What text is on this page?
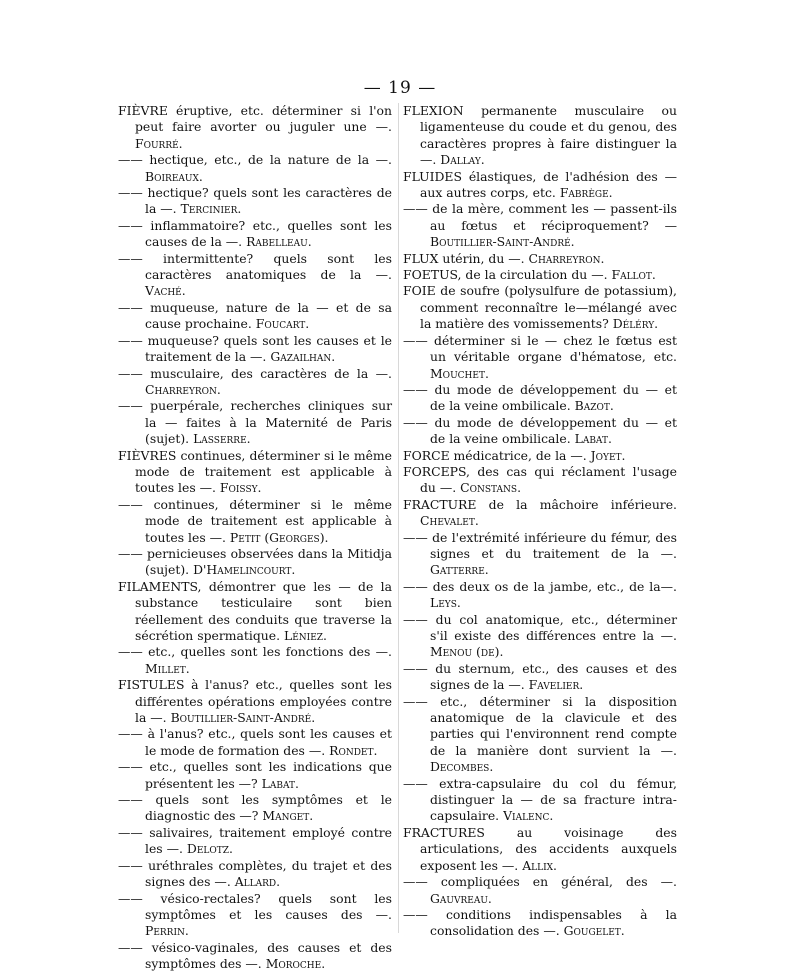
— 19 —

FIÈVRE éruptive, etc. déterminer si l'on peut faire avorter ou juguler une —. Fourré.

—— hectique, etc., de la nature de la —. Boireaux.

—— hectique? quels sont les caractères de la —. Tercinier.

—— inflammatoire? etc., quelles sont les causes de la —. Rabelleau.

—— intermittente? quels sont les caractères anatomiques de la —. Vaché.

—— muqueuse, nature de la — et de sa cause prochaine. Foucart.

—— muqueuse? quels sont les causes et le traitement de la —. Gazailhan.

—— musculaire, des caractères de la —. Charreyron.

—— puerpérale, recherches cliniques sur la — faites à la Maternité de Paris (sujet). Lasserre.

FIÈVRES continues, déterminer si le même mode de traitement est applicable à toutes les —. Foissy.

—— continues, déterminer si le même mode de traitement est applicable à toutes les —. Petit (Georges).

—— pernicieuses observées dans la Mitidja (sujet). D'Hamelincourt.

FILAMENTS, démontrer que les — de la substance testiculaire sont bien réellement des conduits que traverse la sécrétion spermatique. Léniez.

—— etc., quelles sont les fonctions des —. Millet.

FISTULES à l'anus? etc., quelles sont les différentes opérations employées contre la —. Boutillier-Saint-André.

—— à l'anus? etc., quels sont les causes et le mode de formation des —. Rondet.

—— etc., quelles sont les indications que présentent les —? Labat.

—— quels sont les symptômes et le diagnostic des —? Manget.

—— salivaires, traitement employé contre les —. Delotz.

—— uréthrales complètes, du trajet et des signes des —. Allard.

—— vésico-rectales? quels sont les symptômes et les causes des —. Perrin.

—— vésico-vaginales, des causes et des symptômes des —. Moroche.

FLEXION permanente musculaire ou ligamenteuse du coude et du genou, des caractères propres à faire distinguer la —. Dallay.

FLUIDES élastiques, de l'adhésion des — aux autres corps, etc. Fabrège.

—— de la mère, comment les — passent-ils au fœtus et réciproquement? — Boutillier-Saint-André.

FLUX utérin, du —. Charreyron.

FOETUS, de la circulation du —. Fallot.

FOIE de soufre (polysulfure de potassium), comment reconnaître le—mélangé avec la matière des vomissements? Déléry.

—— déterminer si le — chez le fœtus est un véritable organe d'hématose, etc. Mouchet.

—— du mode de développement du — et de la veine ombilicale. Bazot.

—— du mode de développement du — et de la veine ombilicale. Labat.

FORCE médicatrice, de la —. Joyet.

FORCEPS, des cas qui réclament l'usage du —. Constans.

FRACTURE de la mâchoire inférieure. Chevalet.

—— de l'extrémité inférieure du fémur, des signes et du traitement de la —. Gatterre.

—— des deux os de la jambe, etc., de la—. Leys.

—— du col anatomique, etc., déterminer s'il existe des différences entre la —. Menou (de).

—— du sternum, etc., des causes et des signes de la —. Favelier.

—— etc., déterminer si la disposition anatomique de la clavicule et des parties qui l'environnent rend compte de la manière dont survient la —. Decombes.

—— extra-capsulaire du col du fémur, distinguer la — de sa fracture intra-capsulaire. Vialenc.

FRACTURES au voisinage des articulations, des accidents auxquels exposent les —. Allix.

—— compliquées en général, des —. Gauvreau.

—— conditions indispensables à la consolidation des —. Gougelet.
